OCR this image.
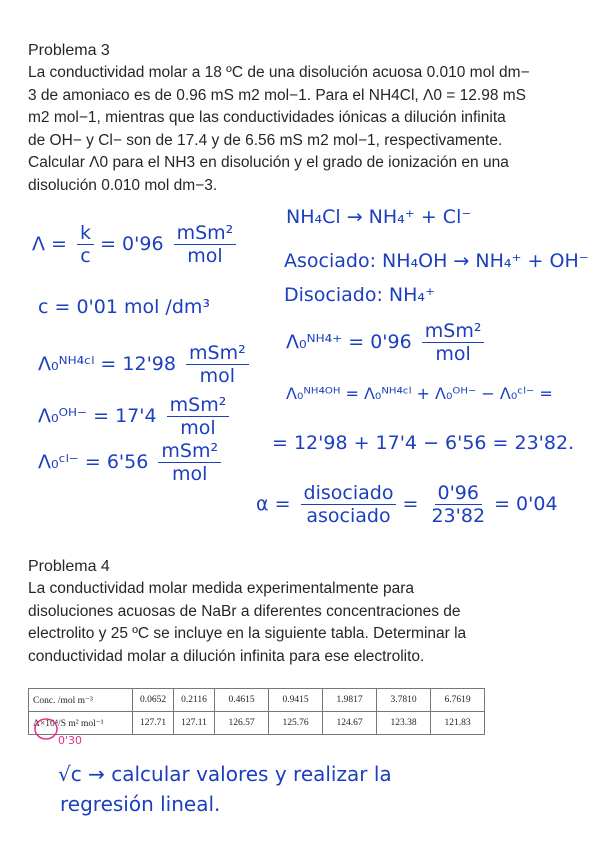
Problema 3

La conductividad molar a 18 ºC de una disolución acuosa 0.010 mol dm−

3 de amoniaco es de 0.96 mS m2 mol−1. Para el NH4Cl, Λ0 = 12.98 mS

m2 mol−1, mientras que las conductividades iónicas a dilución infinita

de OH− y Cl− son de 17.4 y de 6.56 mS m2 mol−1, respectivamente.

Calcular Λ0 para el NH3 en disolución y el grado de ionización en una

disolución 0.010 mol dm−3.

$\Lambda = \frac{k}{c} = 0'96 \frac{\text{mSm²}}{\text{mol}}$
c = 0'01 mol /dm³
Λ₀ᴺᴴ⁴ᶜˡ = $12'98 \frac{\text{mSm²}}{\text{mol}}$
Λ₀ᴼᴴ⁻ = $17'4 \frac{\text{mSm²}}{\text{mol}}$
Λ₀ᶜˡ⁻ = $6'56 \frac{\text{mSm²}}{\text{mol}}$
NH₄Cl → NH₄⁺ + Cl⁻
Asociado: NH₄OH → NH₄⁺ + OH⁻
Disociado: NH₄⁺
Λ₀ᴺᴴ⁴⁺ = $0'96 \frac{\text{mSm²}}{\text{mol}}$
Λ₀ᴺᴴ⁴ᴼᴴ = Λ₀ᴺᴴ⁴ᶜˡ + Λ₀ᴼᴴ⁻ − Λ₀ᶜˡ⁻ =
= 12'98 + 17'4 − 6'56 = 23'82.
$\alpha = \frac{\text{disociado}}{\text{asociado}} = \frac{0'96}{23'82} = 0'04$
Problema 4

La conductividad molar medida experimentalmente para

disoluciones acuosas de NaBr a diferentes concentraciones de

electrolito y 25 ºC se incluye en la siguiente tabla. Determinar la

conductividad molar a dilución infinita para ese electrolito.

Conc. /mol m⁻³	0.0652	0.2116	0.4615	0.9415	1.9817	3.7810	6.7619
Λ×10⁴/S m² mol⁻¹	127.71	127.11	126.57	125.76	124.67	123.38	121.83
0'30
√c → calcular valores y realizar la
regresión lineal.
